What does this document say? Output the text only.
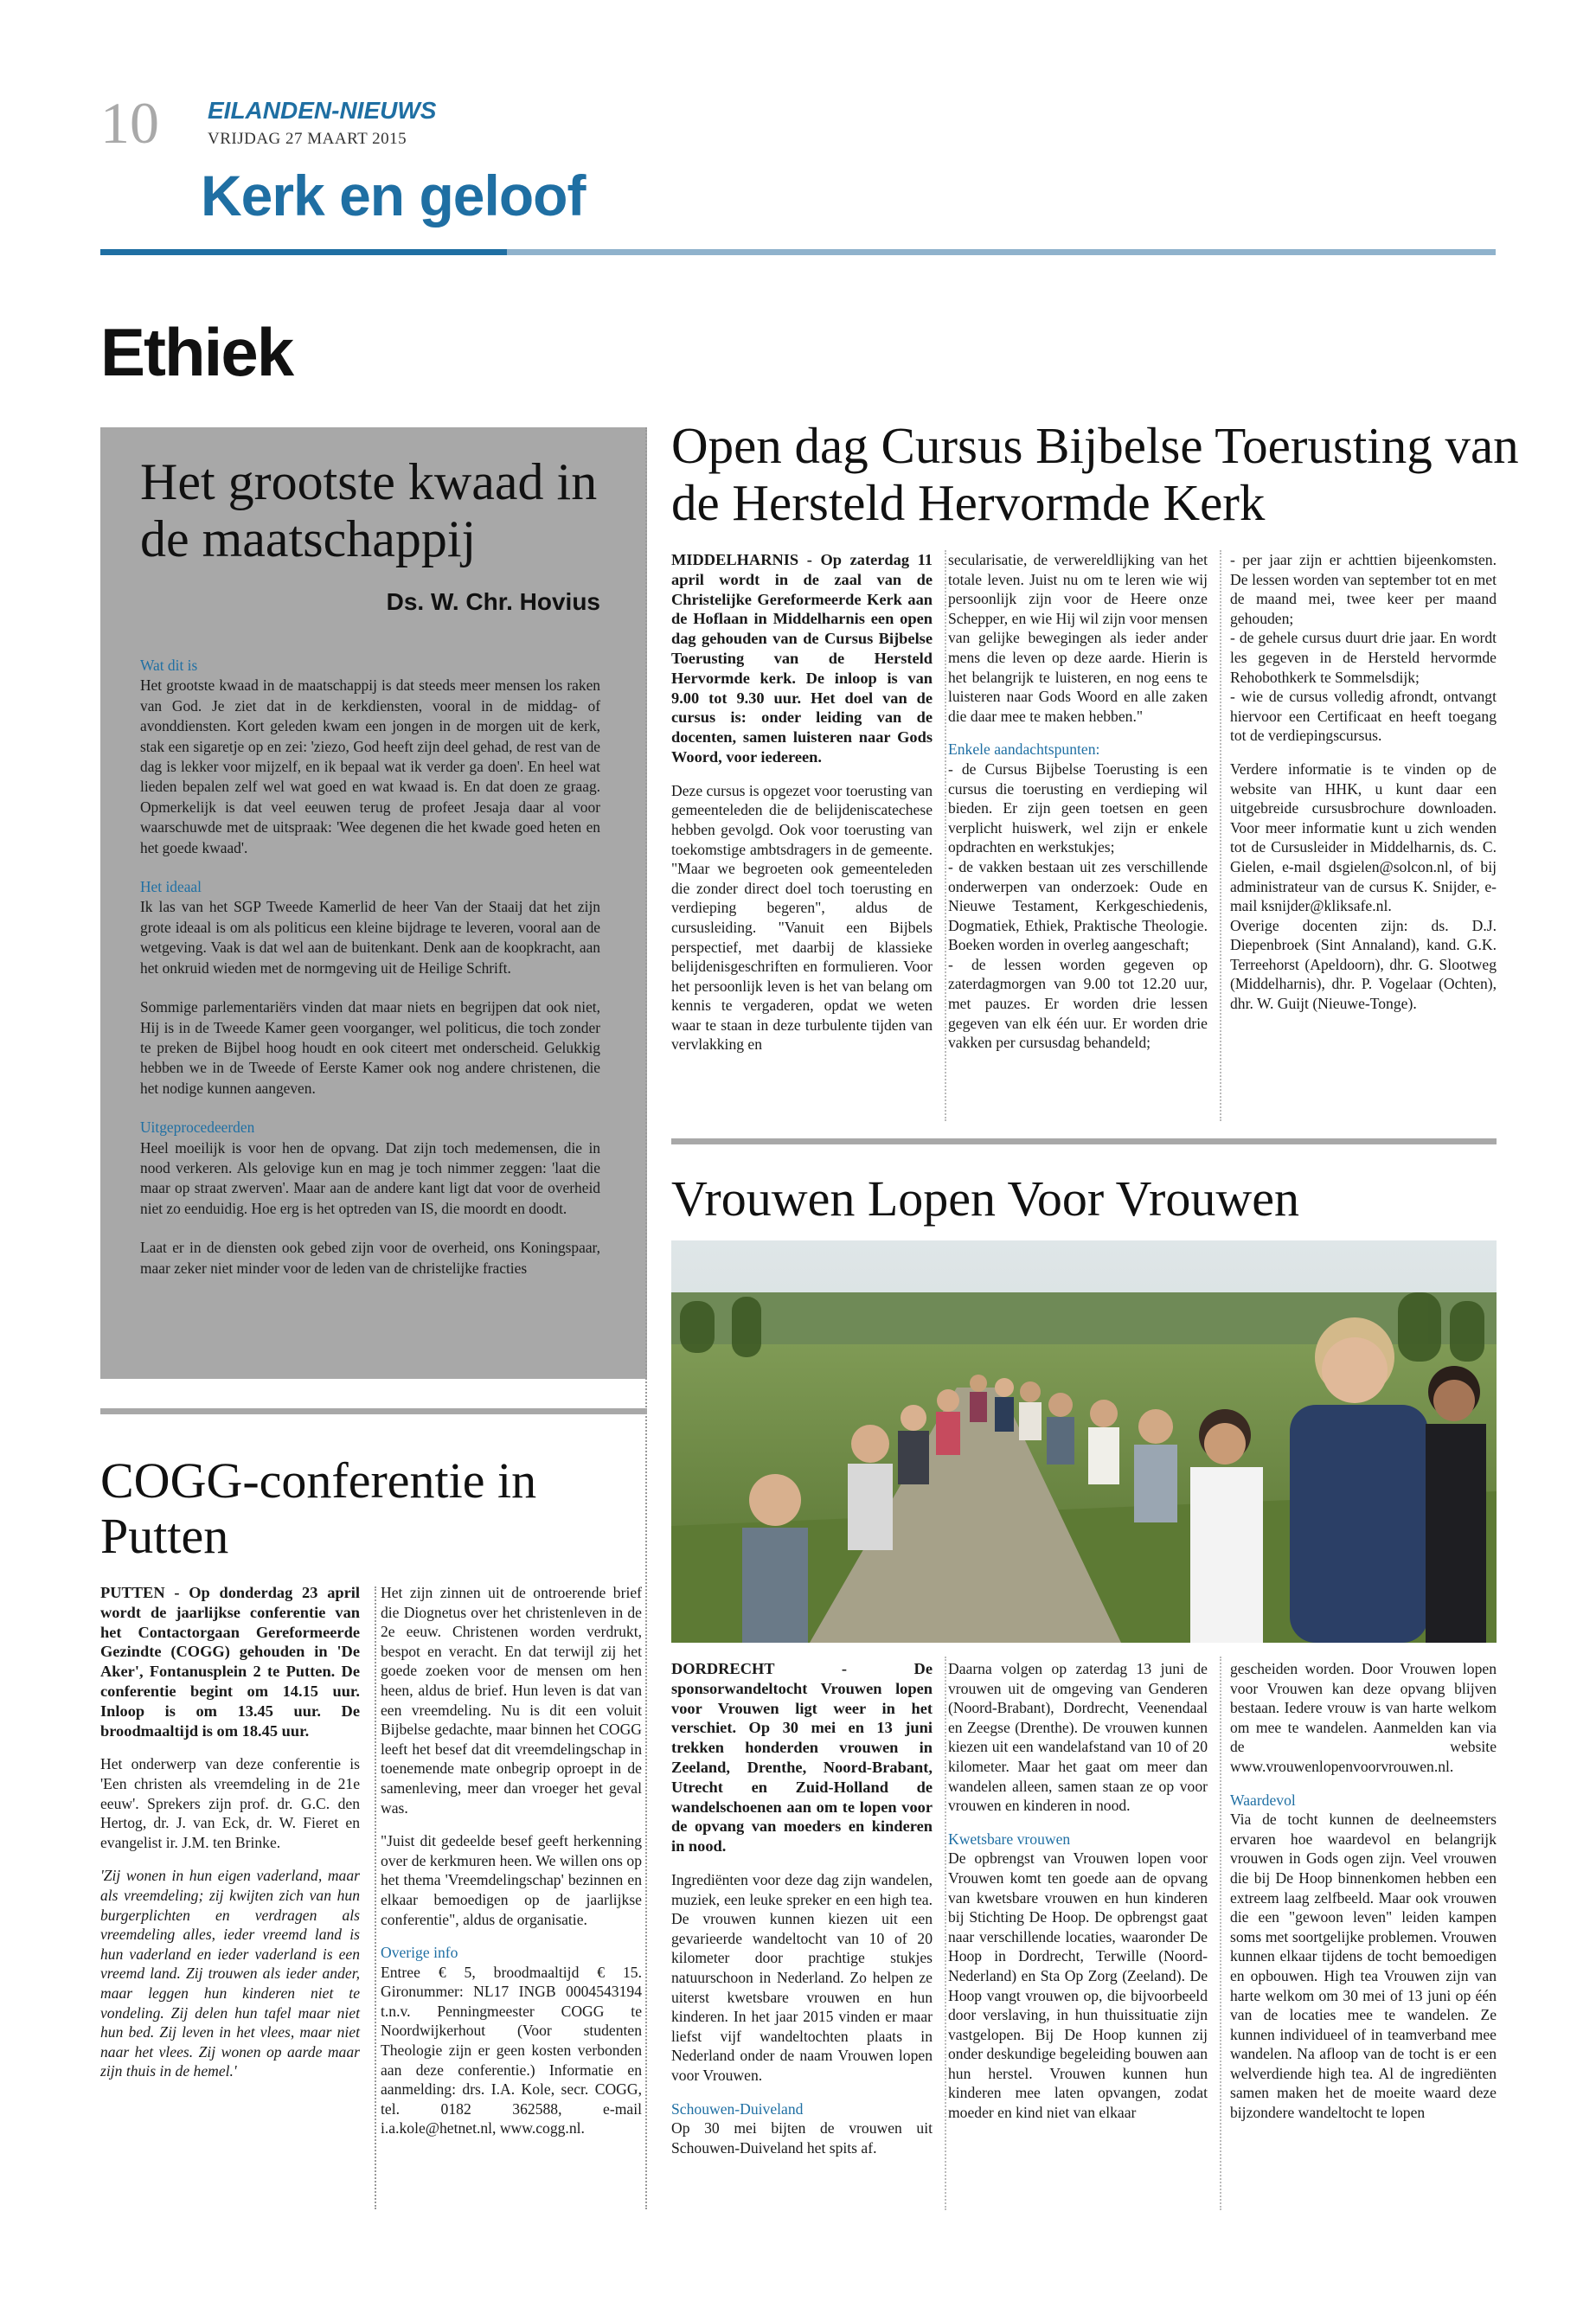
10 EILANDEN-NIEUWS
VRIJDAG 27 MAART 2015
Kerk en geloof
Ethiek
Het grootste kwaad in de maatschappij
Ds. W. Chr. Hovius

Wat dit is
Het grootste kwaad in de maatschappij is dat steeds meer mensen los raken van God. Je ziet dat in de kerkdiensten, vooral in de middag- of avonddiensten. Kort geleden kwam een jongen in de morgen uit de kerk, stak een sigaretje op en zei: 'ziezo, God heeft zijn deel gehad, de rest van de dag is lekker voor mijzelf, en ik bepaal wat ik verder ga doen'. En heel wat lieden bepalen zelf wel wat goed en wat kwaad is. En dat doen ze graag. Opmerkelijk is dat veel eeuwen terug de profeet Jesaja daar al voor waarschuwde met de uitspraak: 'Wee degenen die het kwade goed heten en het goede kwaad'.

Het ideaal
Ik las van het SGP Tweede Kamerlid de heer Van der Staaij dat het zijn grote ideaal is om als politicus een kleine bijdrage te leveren, vooral aan de wetgeving. Vaak is dat wel aan de buitenkant. Denk aan de koopkracht, aan het onkruid wieden met de normgeving uit de Heilige Schrift.

Sommige parlementariërs vinden dat maar niets en begrijpen dat ook niet, Hij is in de Tweede Kamer geen voorganger, wel politicus, die toch zonder te preken de Bijbel hoog houdt en ook citeert met onderscheid. Gelukkig hebben we in de Tweede of Eerste Kamer ook nog andere christenen, die het nodige kunnen aangeven.

Uitgeprocedeerden
Heel moeilijk is voor hen de opvang. Dat zijn toch medemensen, die in nood verkeren. Als gelovige kun en mag je toch nimmer zeggen: 'laat die maar op straat zwerven'. Maar aan de andere kant ligt dat voor de overheid niet zo eenduidig. Hoe erg is het optreden van IS, die moordt en doodt.

Laat er in de diensten ook gebed zijn voor de overheid, ons Koningspaar, maar zeker niet minder voor de leden van de christelijke fracties

Open dag Cursus Bijbelse Toerusting van de Hersteld Hervormde Kerk

MIDDELHARNIS - Op zaterdag 11 april wordt in de zaal van de Christelijke Gereformeerde Kerk aan de Hoflaan in Middelharnis een open dag gehouden van de Cursus Bijbelse Toerusting van de Hersteld Hervormde kerk. De inloop is van 9.00 tot 9.30 uur. Het doel van de cursus is: onder leiding van de docenten, samen luisteren naar Gods Woord, voor iedereen.

Deze cursus is opgezet voor toerusting van gemeenteleden die de belijdeniscatechese hebben gevolgd. Ook voor toerusting van toekomstige ambtsdragers in de gemeente. "Maar we begroeten ook gemeenteleden die zonder direct doel toch toerusting en verdieping begeren", aldus de cursusleiding. "Vanuit een Bijbels perspectief, met daarbij de klassieke belijdenisgeschriften en formulieren. Voor het persoonlijk leven is het van belang om kennis te vergaderen, opdat we weten waar te staan in deze turbulente tijden van vervlakking en

secularisatie, de verwereldlijking van het totale leven. Juist nu om te leren wie wij persoonlijk zijn voor de Heere onze Schepper, en wie Hij wil zijn voor mensen van gelijke bewegingen als ieder ander mens die leven op deze aarde. Hierin is het belangrijk te luisteren, en nog eens te luisteren naar Gods Woord en alle zaken die daar mee te maken hebben."

Enkele aandachtspunten:

- de Cursus Bijbelse Toerusting is een cursus die toerusting en verdieping wil bieden. Er zijn geen toetsen en geen verplicht huiswerk, wel zijn er enkele opdrachten en werkstukjes;
- de vakken bestaan uit zes verschillende onderwerpen van onderzoek: Oude en Nieuwe Testament, Kerkgeschiedenis, Dogmatiek, Ethiek, Praktische Theologie. Boeken worden in overleg aangeschaft;
- de lessen worden gegeven op zaterdagmorgen van 9.00 tot 12.20 uur, met pauzes. Er worden drie lessen gegeven van elk één uur. Er worden drie vakken per cursusdag behandeld;

- per jaar zijn er achttien bijeenkomsten. De lessen worden van september tot en met de maand mei, twee keer per maand gehouden;
- de gehele cursus duurt drie jaar. En wordt les gegeven in de Hersteld hervormde Rehobothkerk te Sommelsdijk;
- wie de cursus volledig afrondt, ontvangt hiervoor een Certificaat en heeft toegang tot de verdiepingscursus.

Verdere informatie is te vinden op de website van HHK, u kunt daar een uitgebreide cursusbrochure downloaden. Voor meer informatie kunt u zich wenden tot de Cursusleider in Middelharnis, ds. C. Gielen, e-mail dsgielen@solcon.nl, of bij administrateur van de cursus K. Snijder, e-mail ksnijder@kliksafe.nl.
Overige docenten zijn: ds. D.J. Diepenbroek (Sint Annaland), kand. G.K. Terreehorst (Apeldoorn), dhr. G. Slootweg (Middelharnis), dhr. P. Vogelaar (Ochten), dhr. W. Guijt (Nieuwe-Tonge).

Vrouwen Lopen Voor Vrouwen

DORDRECHT - De sponsorwandeltocht Vrouwen lopen voor Vrouwen ligt weer in het verschiet. Op 30 mei en 13 juni trekken honderden vrouwen in Zeeland, Drenthe, Noord-Brabant, Utrecht en Zuid-Holland de wandelschoenen aan om te lopen voor de opvang van moeders en kinderen in nood.

Ingrediënten voor deze dag zijn wandelen, muziek, een leuke spreker en een high tea. De vrouwen kunnen kiezen uit een gevarieerde wandeltocht van 10 of 20 kilometer door prachtige stukjes natuurschoon in Nederland. Zo helpen ze uiterst kwetsbare vrouwen en hun kinderen. In het jaar 2015 vinden er maar liefst vijf wandeltochten plaats in Nederland onder de naam Vrouwen lopen voor Vrouwen.

Schouwen-Duiveland
Op 30 mei bijten de vrouwen uit Schouwen-Duiveland het spits af.

Daarna volgen op zaterdag 13 juni de vrouwen uit de omgeving van Genderen (Noord-Brabant), Dordrecht, Veenendaal en Zeegse (Drenthe). De vrouwen kunnen kiezen uit een wandelafstand van 10 of 20 kilometer. Maar het gaat om meer dan wandelen alleen, samen staan ze op voor vrouwen en kinderen in nood.

Kwetsbare vrouwen
De opbrengst van Vrouwen lopen voor Vrouwen komt ten goede aan de opvang van kwetsbare vrouwen en hun kinderen bij Stichting De Hoop. De opbrengst gaat naar verschillende locaties, waaronder De Hoop in Dordrecht, Terwille (Noord-Nederland) en Sta Op Zorg (Zeeland). De Hoop vangt vrouwen op, die bijvoorbeeld door verslaving, in hun thuissituatie zijn vastgelopen. Bij De Hoop kunnen zij onder deskundige begeleiding bouwen aan hun herstel. Vrouwen kunnen hun kinderen mee laten opvangen, zodat moeder en kind niet van elkaar

gescheiden worden. Door Vrouwen lopen voor Vrouwen kan deze opvang blijven bestaan. Iedere vrouw is van harte welkom om mee te wandelen. Aanmelden kan via de website www.vrouwenlopenvoorvrouwen.nl.

Waardevol
Via de tocht kunnen de deelneemsters ervaren hoe waardevol en belangrijk vrouwen in Gods ogen zijn. Veel vrouwen die bij De Hoop binnenkomen hebben een extreem laag zelfbeeld. Maar ook vrouwen die een "gewoon leven" leiden kampen soms met soortgelijke problemen. Vrouwen kunnen elkaar tijdens de tocht bemoedigen en opbouwen. High tea Vrouwen zijn van harte welkom om 30 mei of 13 juni op één van de locaties mee te wandelen. Ze kunnen individueel of in teamverband mee wandelen. Na afloop van de tocht is er een welverdiende high tea. Al de ingrediënten samen maken het de moeite waard deze bijzondere wandeltocht te lopen

COGG-conferentie in Putten

PUTTEN - Op donderdag 23 april wordt de jaarlijkse conferentie van het Contactorgaan Gereformeerde Gezindte (COGG) gehouden in 'De Aker', Fontanusplein 2 te Putten. De conferentie begint om 14.15 uur. Inloop is om 13.45 uur. De broodmaaltijd is om 18.45 uur.

Het onderwerp van deze conferentie is 'Een christen als vreemdeling in de 21e eeuw'. Sprekers zijn prof. dr. G.C. den Hertog, dr. J. van Eck, dr. W. Fieret en evangelist ir. J.M. ten Brinke.

'Zij wonen in hun eigen vaderland, maar als vreemdeling; zij kwijten zich van hun burgerplichten en verdragen als vreemdeling alles, ieder vreemd land is hun vaderland en ieder vaderland is een vreemd land. Zij trouwen als ieder ander, maar leggen hun kinderen niet te vondeling. Zij delen hun tafel maar niet hun bed. Zij leven in het vlees, maar niet naar het vlees. Zij wonen op aarde maar zijn thuis in de hemel.'

Het zijn zinnen uit de ontroerende brief die Diognetus over het christenleven in de 2e eeuw. Christenen worden verdrukt, bespot en veracht. En dat terwijl zij het goede zoeken voor de mensen om hen heen, aldus de brief. Hun leven is dat van een vreemdeling. Nu is dit een voluit Bijbelse gedachte, maar binnen het COGG leeft het besef dat dit vreemdelingschap in toenemende mate onbegrip oproept in de samenleving, meer dan vroeger het geval was.

"Juist dit gedeelde besef geeft herkenning over de kerkmuren heen. We willen ons op het thema 'Vreemdelingschap' bezinnen en elkaar bemoedigen op de jaarlijkse conferentie", aldus de organisatie.

Overige info
Entree € 5, broodmaaltijd € 15. Gironummer: NL17 INGB 0004543194 t.n.v. Penningmeester COGG te Noordwijkerhout (Voor studenten Theologie zijn er geen kosten verbonden aan deze conferentie.) Informatie en aanmelding: drs. I.A. Kole, secr. COGG, tel. 0182 362588, e-mail i.a.kole@hetnet.nl, www.cogg.nl.
